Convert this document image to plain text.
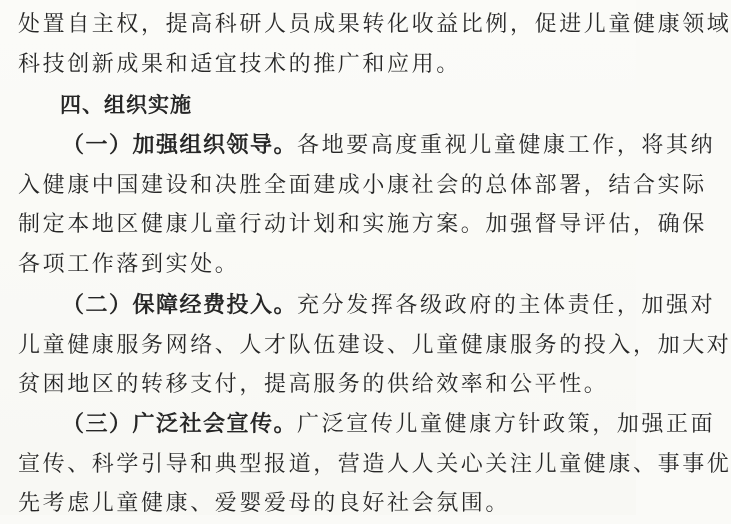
处置自主权，提高科研人员成果转化收益比例，促进儿童健康领域
科技创新成果和适宜技术的推广和应用。
四、组织实施
（一）加强组织领导。各地要高度重视儿童健康工作，将其纳
入健康中国建设和决胜全面建成小康社会的总体部署，结合实际
制定本地区健康儿童行动计划和实施方案。加强督导评估，确保
各项工作落到实处。
（二）保障经费投入。充分发挥各级政府的主体责任，加强对
儿童健康服务网络、人才队伍建设、儿童健康服务的投入，加大对
贫困地区的转移支付，提高服务的供给效率和公平性。
（三）广泛社会宣传。广泛宣传儿童健康方针政策，加强正面
宣传、科学引导和典型报道，营造人人关心关注儿童健康、事事优
先考虑儿童健康、爱婴爱母的良好社会氛围。
